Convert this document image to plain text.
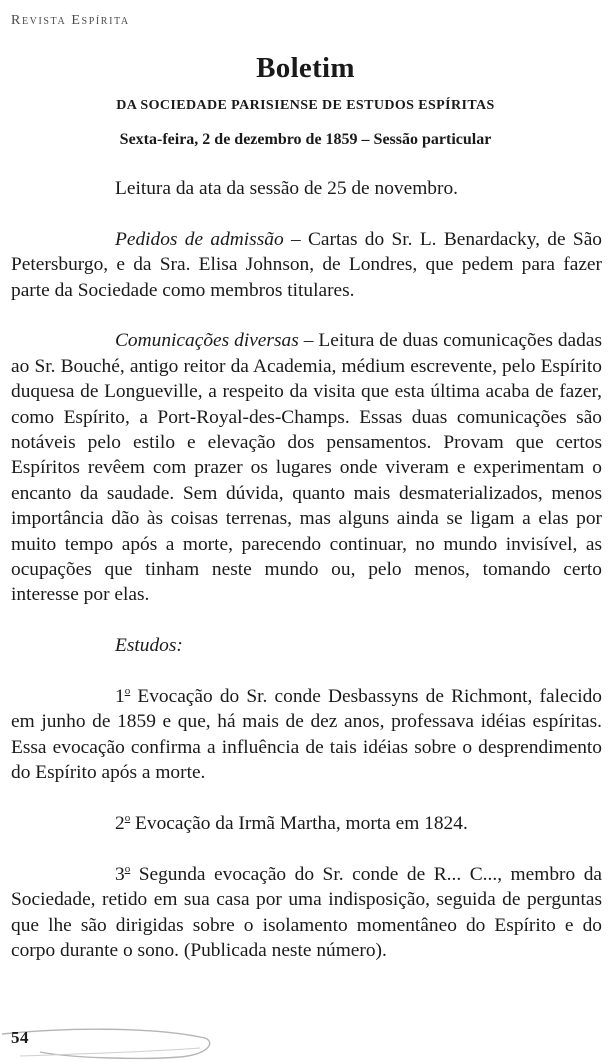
Revista Espírita
Boletim
DA SOCIEDADE PARISIENSE DE ESTUDOS ESPÍRITAS
Sexta-feira, 2 de dezembro de 1859 – Sessão particular

Leitura da ata da sessão de 25 de novembro.

Pedidos de admissão – Cartas do Sr. L. Benardacky, de São Petersburgo, e da Sra. Elisa Johnson, de Londres, que pedem para fazer parte da Sociedade como membros titulares.

Comunicações diversas – Leitura de duas comunicações dadas ao Sr. Bouché, antigo reitor da Academia, médium escrevente, pelo Espírito duquesa de Longueville, a respeito da visita que esta última acaba de fazer, como Espírito, a Port-Royal-des-Champs. Essas duas comunicações são notáveis pelo estilo e elevação dos pensamentos. Provam que certos Espíritos revêem com prazer os lugares onde viveram e experimentam o encanto da saudade. Sem dúvida, quanto mais desmaterializados, menos importância dão às coisas terrenas, mas alguns ainda se ligam a elas por muito tempo após a morte, parecendo continuar, no mundo invisível, as ocupações que tinham neste mundo ou, pelo menos, tomando certo interesse por elas.

Estudos:

1$^o$ Evocação do Sr. conde Desbassyns de Richmont, falecido em junho de 1859 e que, há mais de dez anos, professava idéias espíritas. Essa evocação confirma a influência de tais idéias sobre o desprendimento do Espírito após a morte.

2$^o$ Evocação da Irmã Martha, morta em 1824.

3$^o$ Segunda evocação do Sr. conde de R... C..., membro da Sociedade, retido em sua casa por uma indisposição, seguida de perguntas que lhe são dirigidas sobre o isolamento momentâneo do Espírito e do corpo durante o sono. (Publicada neste número).

54
